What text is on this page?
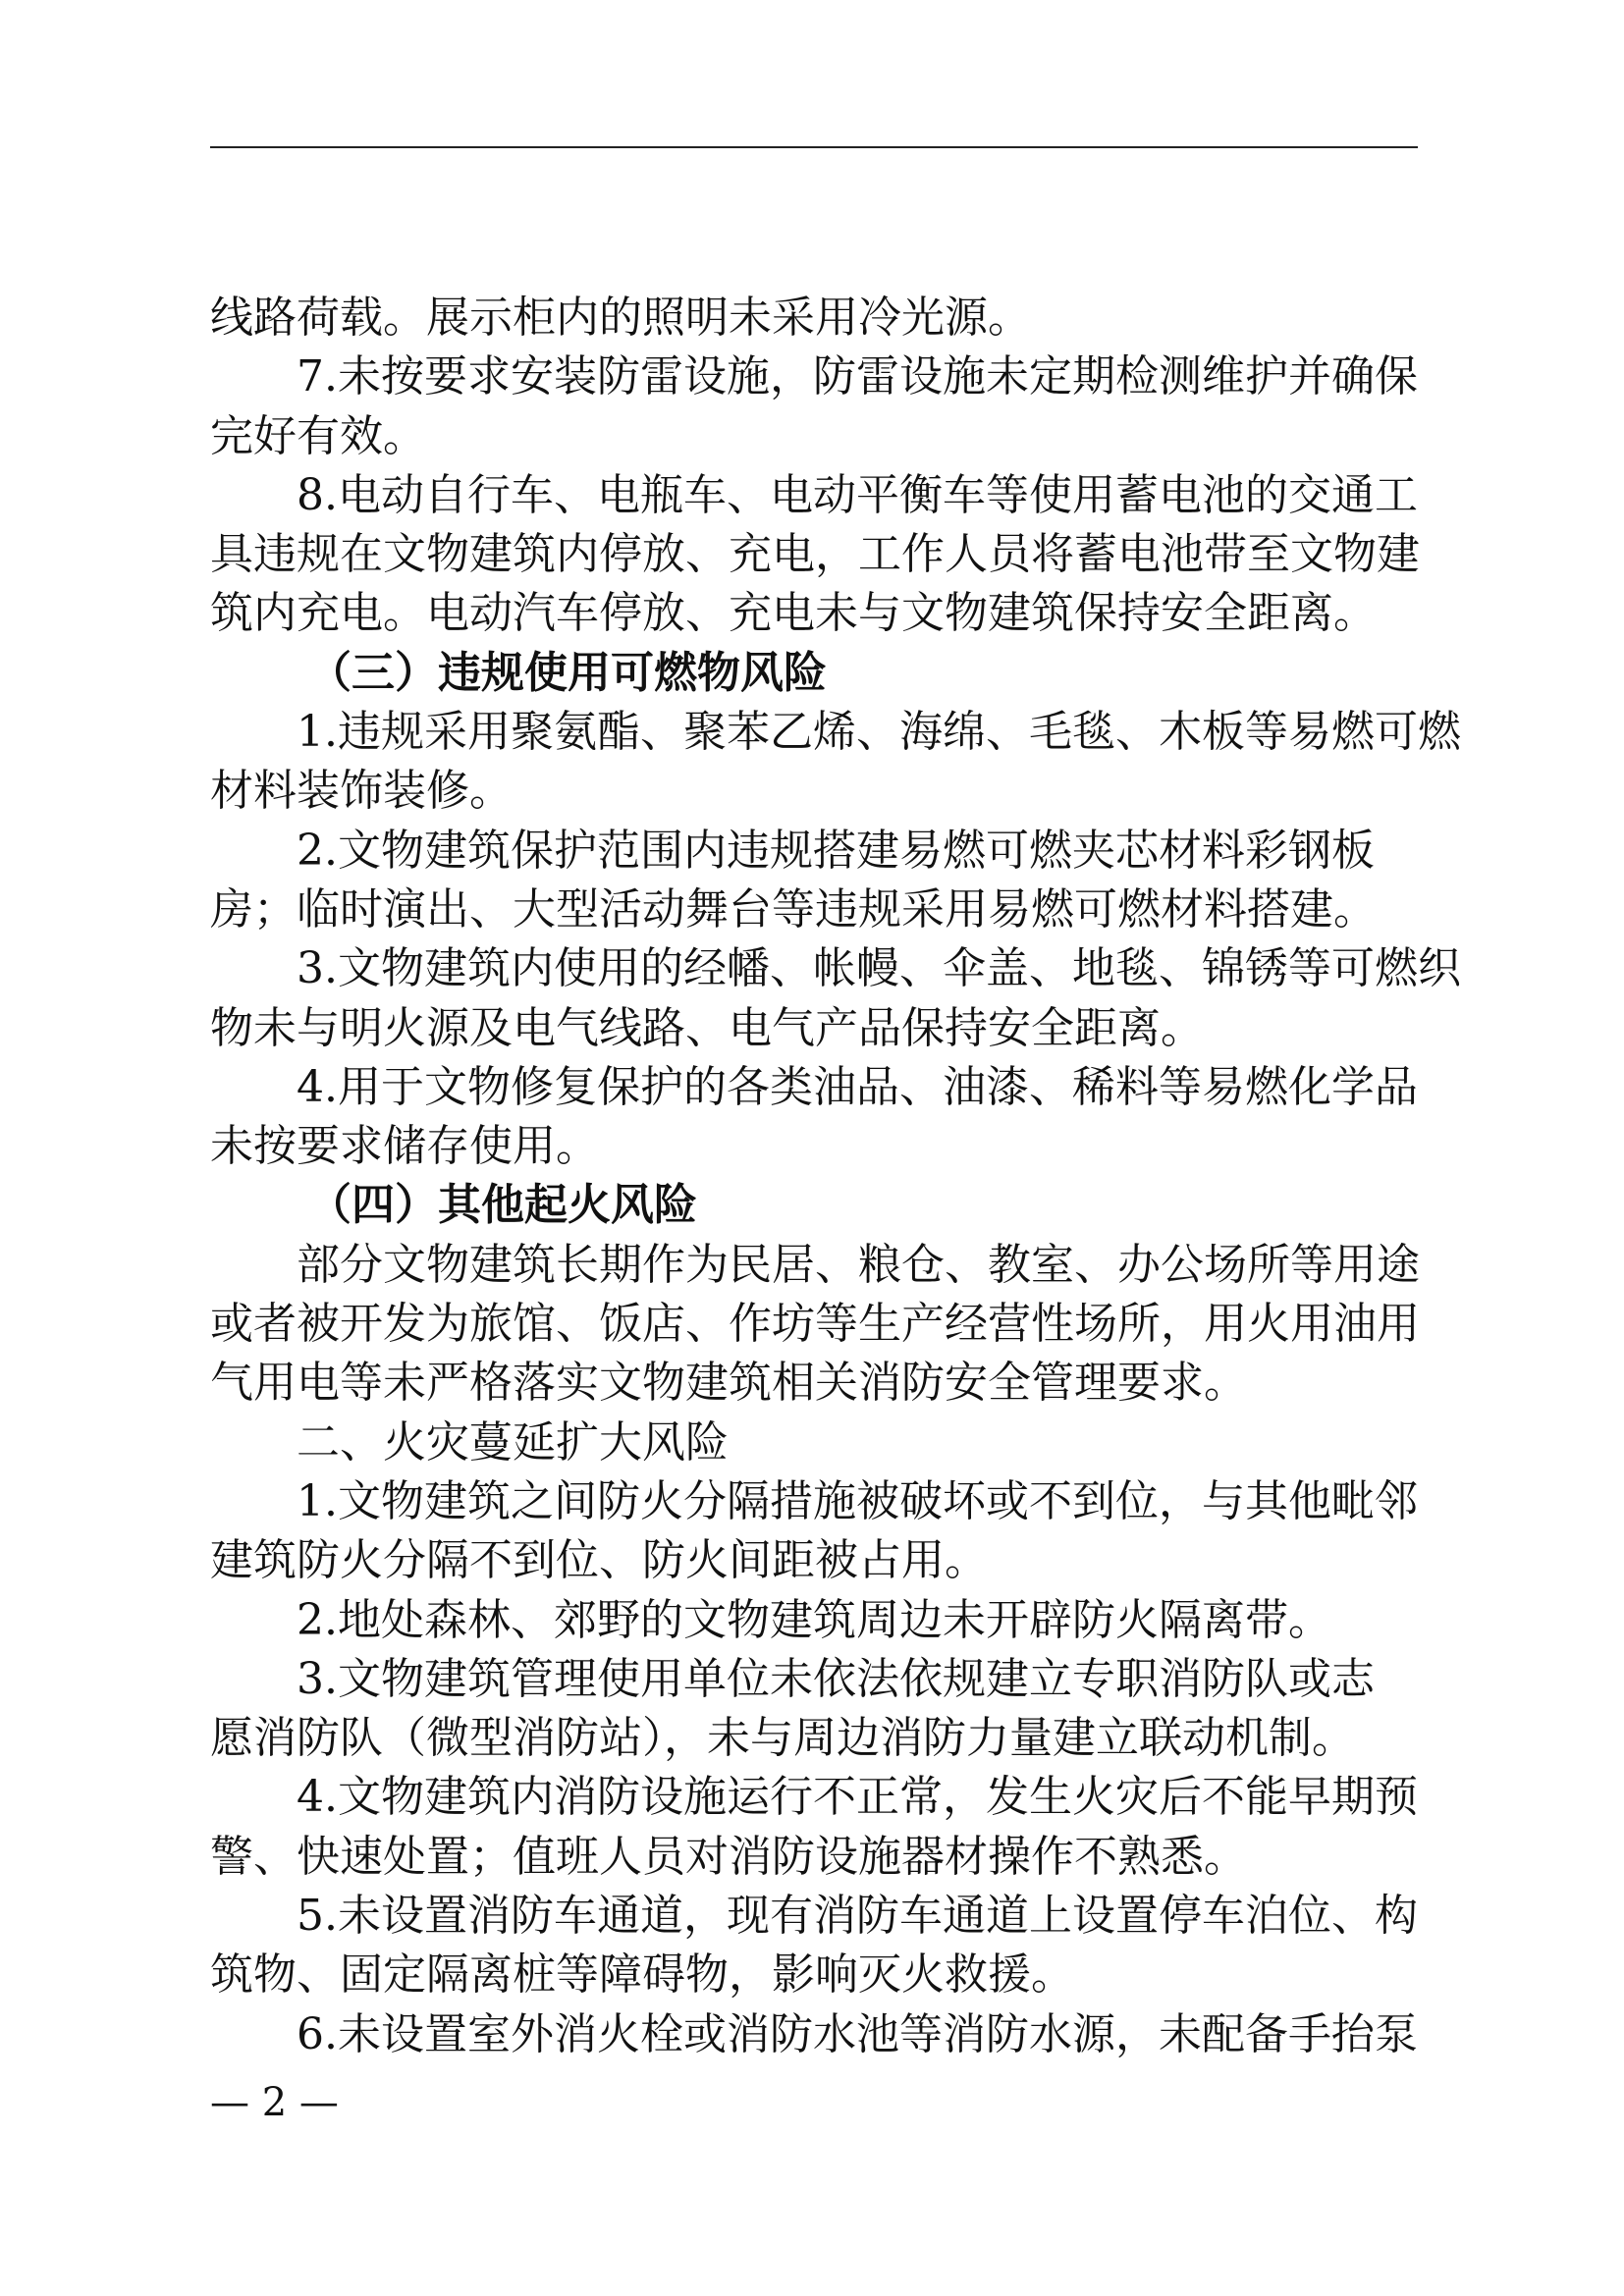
线路荷载。展示柜内的照明未采用冷光源。
7.未按要求安装防雷设施，防雷设施未定期检测维护并确保
完好有效。
8.电动自行车、电瓶车、电动平衡车等使用蓄电池的交通工
具违规在文物建筑内停放、充电，工作人员将蓄电池带至文物建
筑内充电。电动汽车停放、充电未与文物建筑保持安全距离。
（三）违规使用可燃物风险
1.违规采用聚氨酯、聚苯乙烯、海绵、毛毯、木板等易燃可燃
材料装饰装修。
2.文物建筑保护范围内违规搭建易燃可燃夹芯材料彩钢板
房；临时演出、大型活动舞台等违规采用易燃可燃材料搭建。
3.文物建筑内使用的经幡、帐幔、伞盖、地毯、锦锈等可燃织
物未与明火源及电气线路、电气产品保持安全距离。
4.用于文物修复保护的各类油品、油漆、稀料等易燃化学品
未按要求储存使用。
（四）其他起火风险
部分文物建筑长期作为民居、粮仓、教室、办公场所等用途
或者被开发为旅馆、饭店、作坊等生产经营性场所，用火用油用
气用电等未严格落实文物建筑相关消防安全管理要求。
二、火灾蔓延扩大风险
1.文物建筑之间防火分隔措施被破坏或不到位，与其他毗邻
建筑防火分隔不到位、防火间距被占用。
2.地处森林、郊野的文物建筑周边未开辟防火隔离带。
3.文物建筑管理使用单位未依法依规建立专职消防队或志
愿消防队（微型消防站），未与周边消防力量建立联动机制。
4.文物建筑内消防设施运行不正常，发生火灾后不能早期预
警、快速处置；值班人员对消防设施器材操作不熟悉。
5.未设置消防车通道，现有消防车通道上设置停车泊位、构
筑物、固定隔离桩等障碍物，影响灭火救援。
6.未设置室外消火栓或消防水池等消防水源，未配备手抬泵
— 2 —
